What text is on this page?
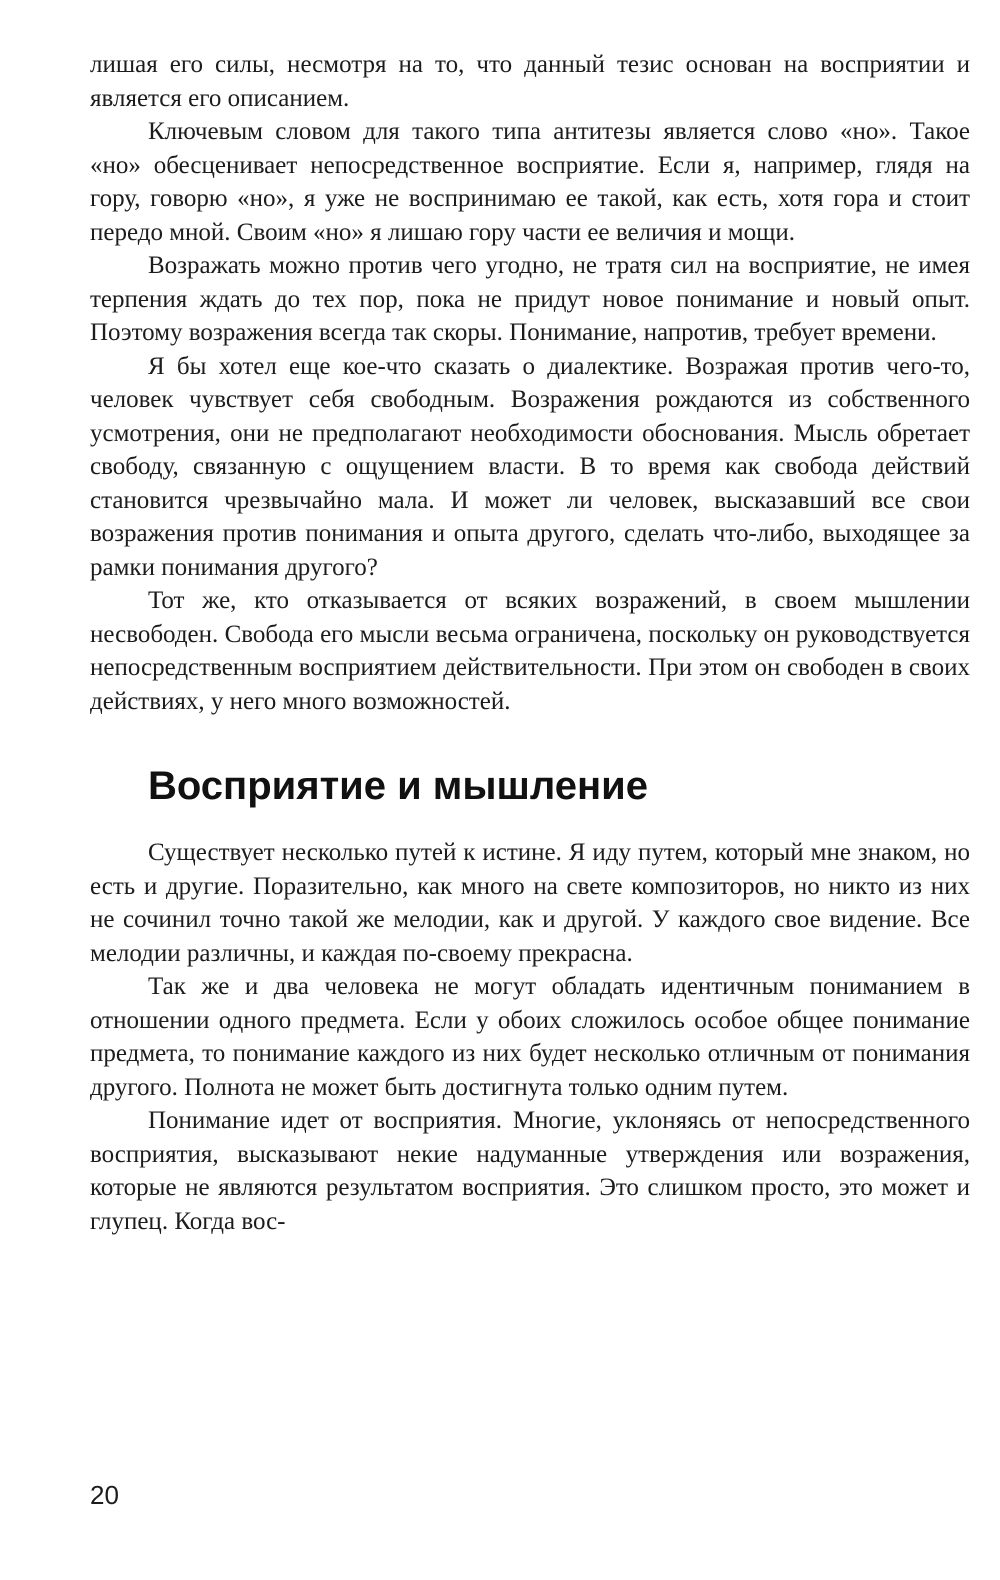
лишая его силы, несмотря на то, что данный тезис основан на восприятии и является его описанием.

Ключевым словом для такого типа антитезы является слово «но». Такое «но» обесценивает непосредственное восприятие. Если я, например, глядя на гору, говорю «но», я уже не воспринимаю ее такой, как есть, хотя гора и стоит передо мной. Своим «но» я лишаю гору части ее величия и мощи.

Возражать можно против чего угодно, не тратя сил на восприятие, не имея терпения ждать до тех пор, пока не придут новое понимание и новый опыт. Поэтому возражения всегда так скоры. Понимание, напротив, требует времени.

Я бы хотел еще кое-что сказать о диалектике. Возражая против чего-то, человек чувствует себя свободным. Возражения рождаются из собственного усмотрения, они не предполагают необходимости обоснования. Мысль обретает свободу, связанную с ощущением власти. В то время как свобода действий становится чрезвычайно мала. И может ли человек, высказавший все свои возражения против понимания и опыта другого, сделать что-либо, выходящее за рамки понимания другого?

Тот же, кто отказывается от всяких возражений, в своем мышлении несвободен. Свобода его мысли весьма ограничена, поскольку он руководствуется непосредственным восприятием действительности. При этом он свободен в своих действиях, у него много возможностей.

Восприятие и мышление

Существует несколько путей к истине. Я иду путем, который мне знаком, но есть и другие. Поразительно, как много на свете композиторов, но никто из них не сочинил точно такой же мелодии, как и другой. У каждого свое видение. Все мелодии различны, и каждая по-своему прекрасна.

Так же и два человека не могут обладать идентичным пониманием в отношении одного предмета. Если у обоих сложилось особое общее понимание предмета, то понимание каждого из них будет несколько отличным от понимания другого. Полнота не может быть достигнута только одним путем.

Понимание идет от восприятия. Многие, уклоняясь от непосредственного восприятия, высказывают некие надуманные утверждения или возражения, которые не являются результатом восприятия. Это слишком просто, это может и глупец. Когда вос-

20
